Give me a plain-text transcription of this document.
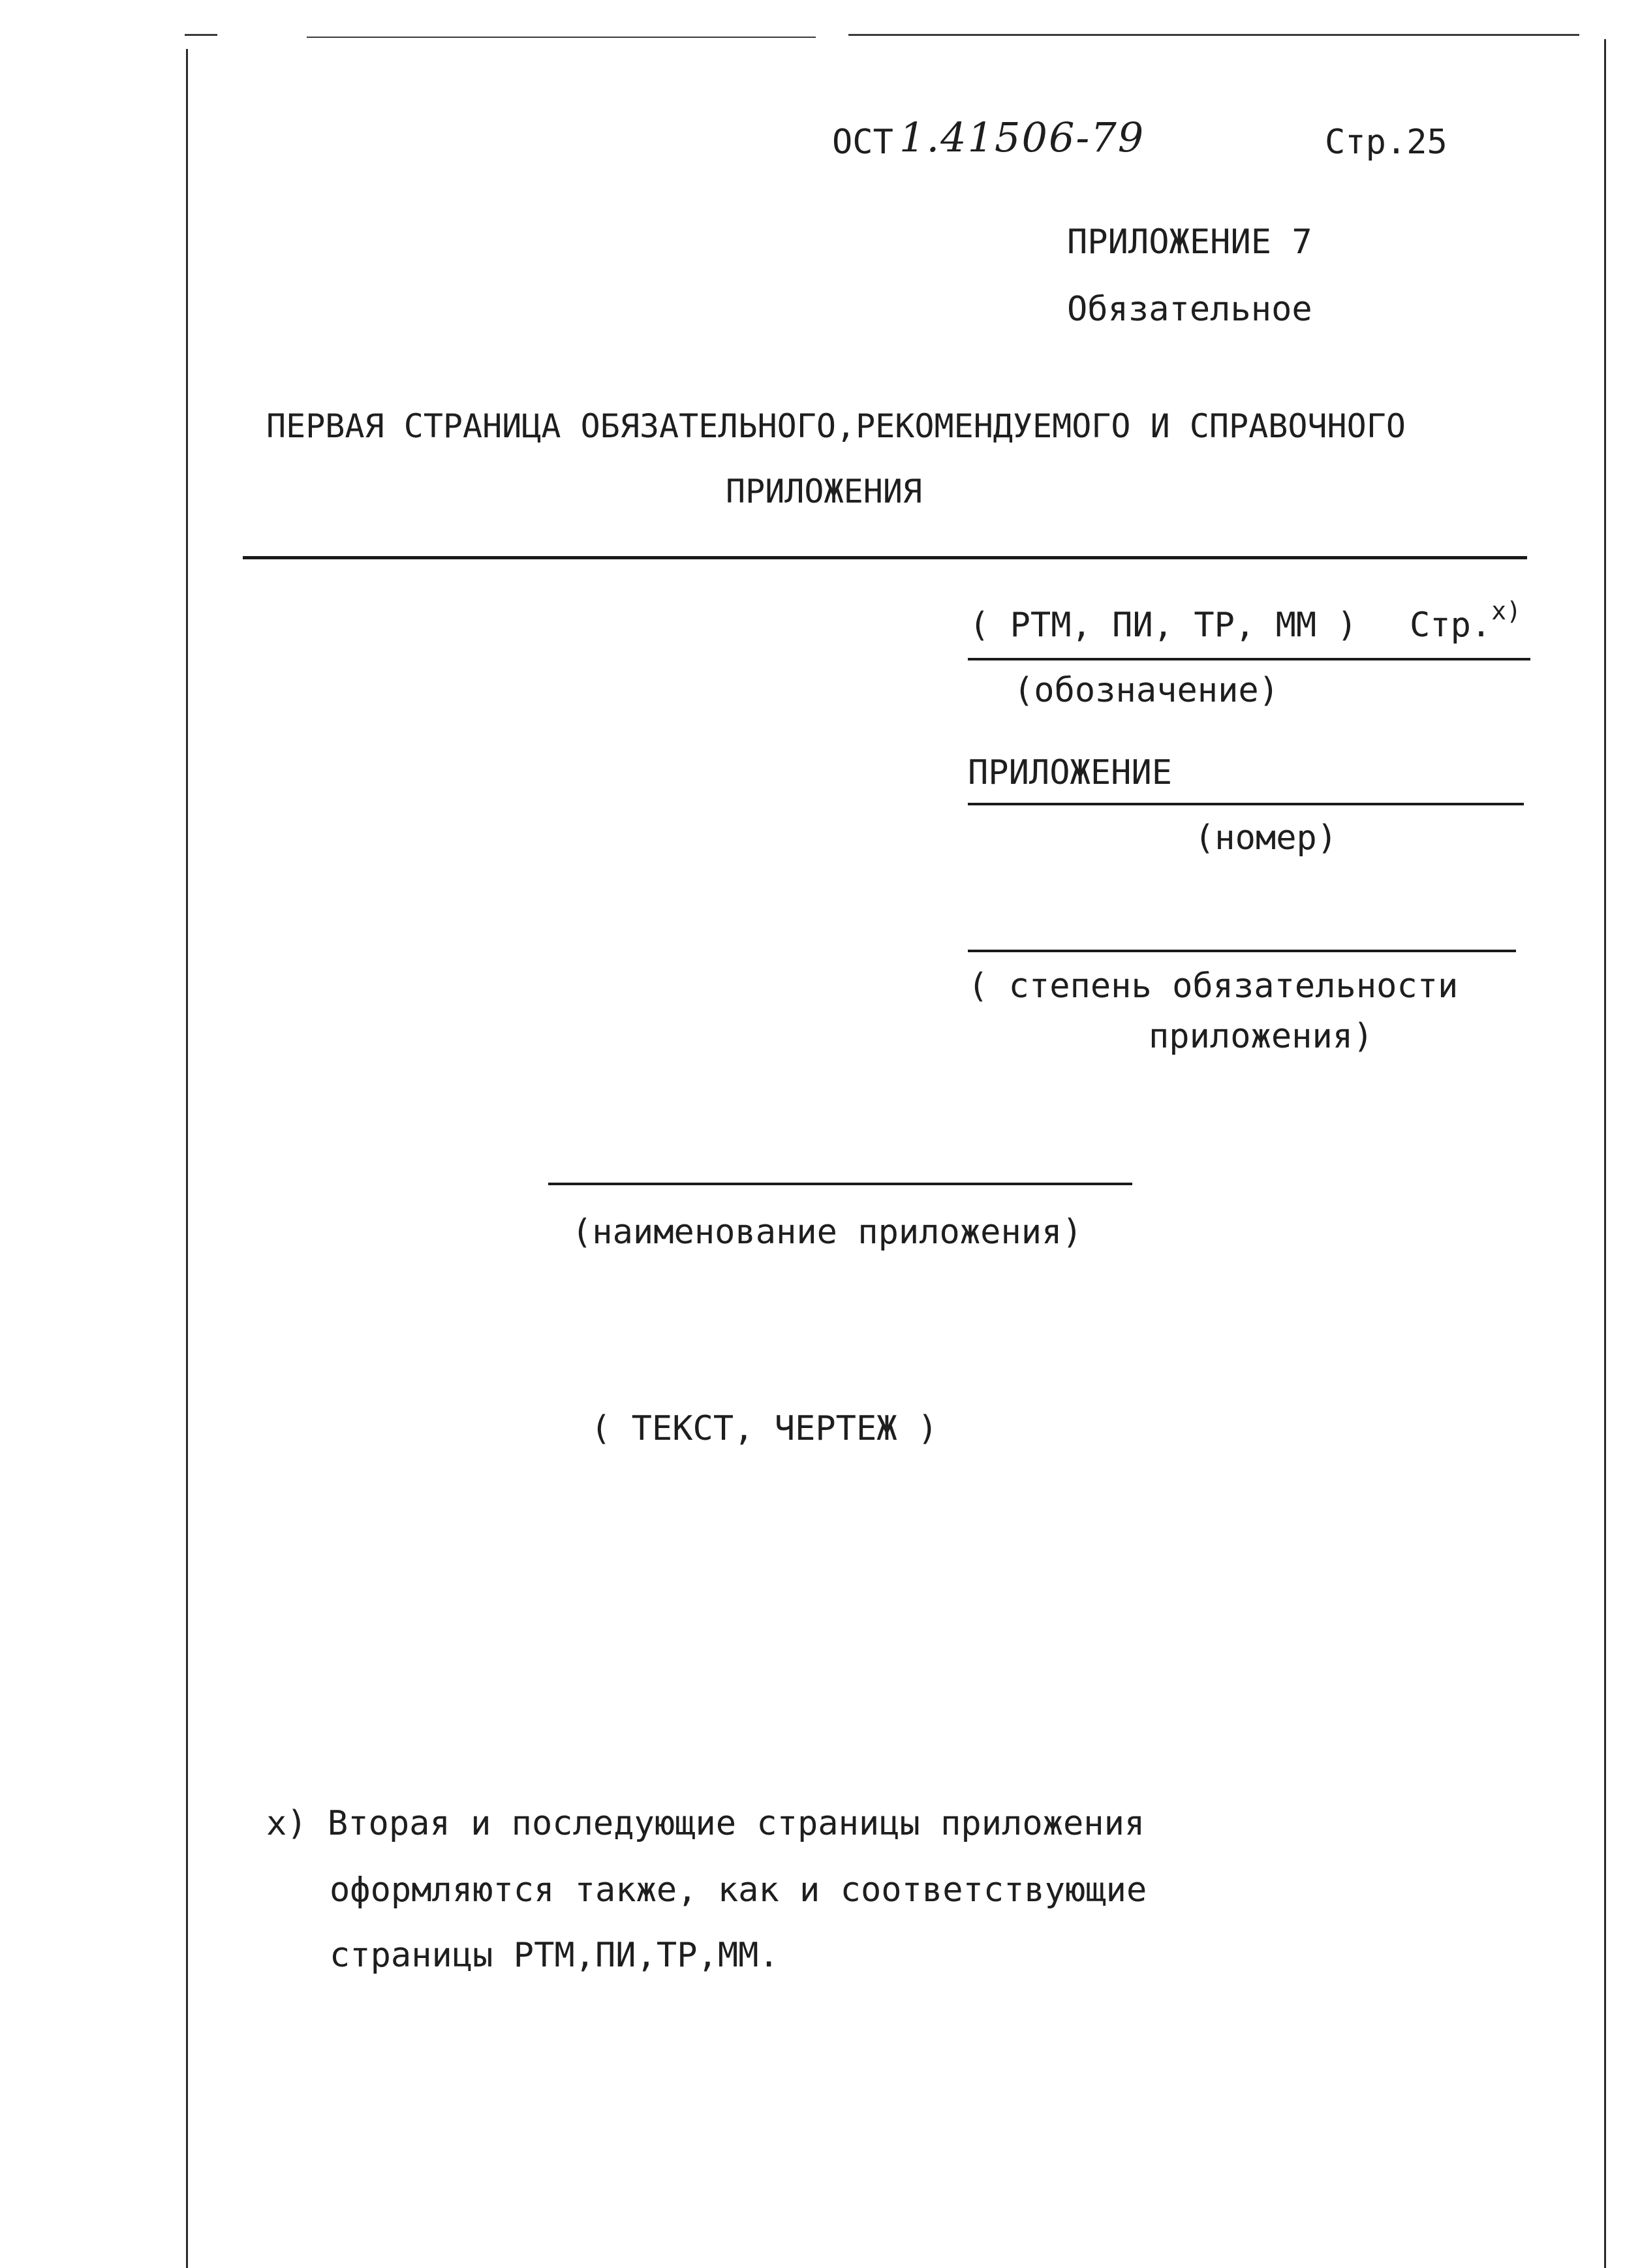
ОСТ 1.41506-79	Стр.25
ПРИЛОЖЕНИЕ 7
Обязательное
ПЕРВАЯ СТРАНИЦА ОБЯЗАТЕЛЬНОГО,РЕКОМЕНДУЕМОГО И СПРАВОЧНОГО
ПРИЛОЖЕНИЯ
( РТМ, ПИ, ТР, ММ ) Стр.$^{х)}$
(обозначение)
ПРИЛОЖЕНИЕ
(номер)
( степень обязательности
приложения)
(наименование приложения)
( ТЕКСТ, ЧЕРТЕЖ )
х) Вторая и последующие страницы приложения
оформляются также, как и соответствующие
страницы РТМ,ПИ,ТР,ММ.
